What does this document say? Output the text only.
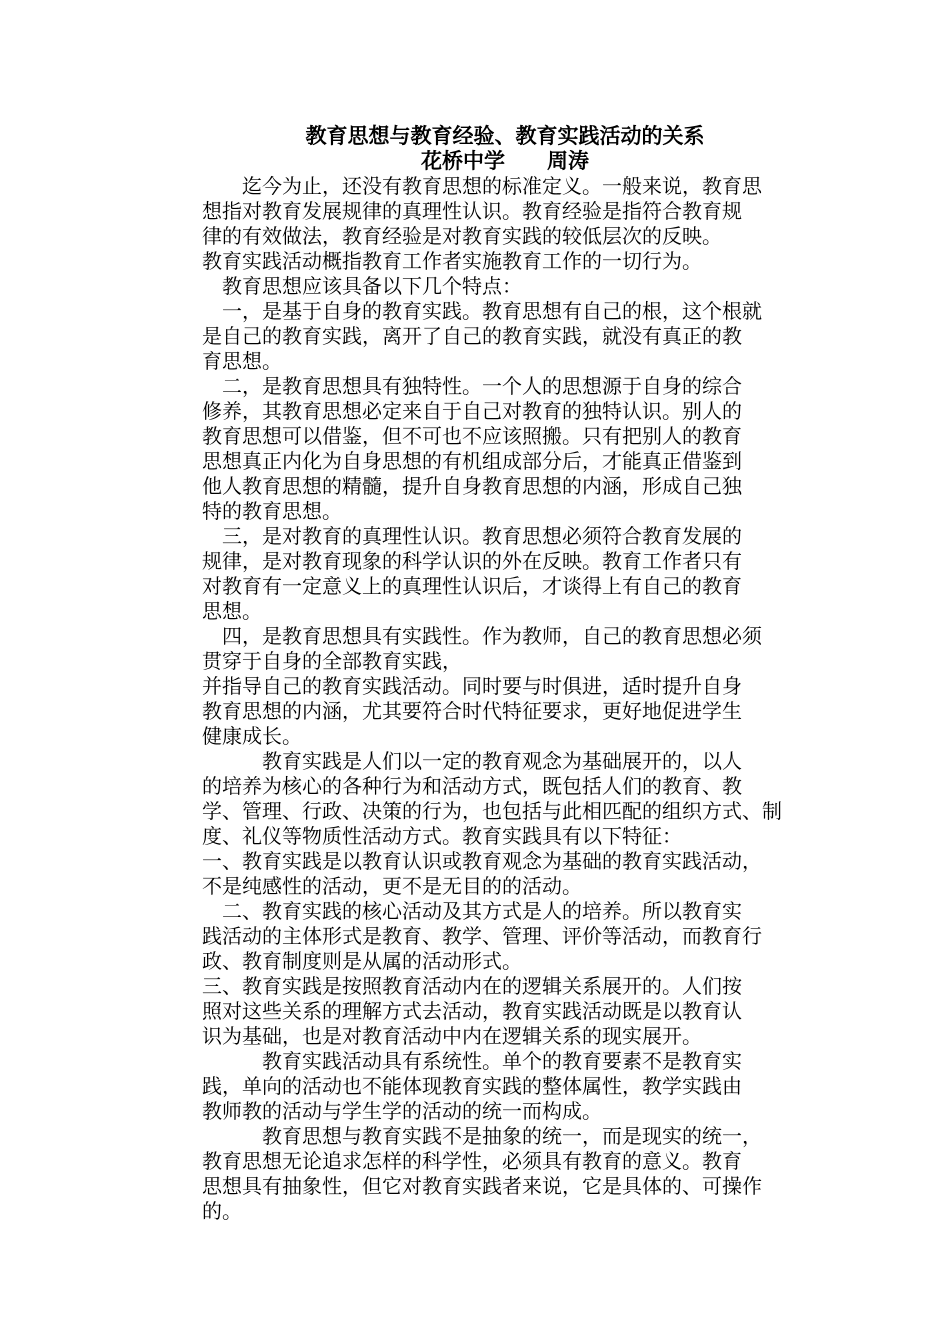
教育思想与教育经验、教育实践活动的关系
花桥中学　　周涛
　　迄今为止，还没有教育思想的标准定义。一般来说，教育思
想指对教育发展规律的真理性认识。教育经验是指符合教育规
律的有效做法，教育经验是对教育实践的较低层次的反映。
教育实践活动概指教育工作者实施教育工作的一切行为。
　教育思想应该具备以下几个特点：
　一，是基于自身的教育实践。教育思想有自己的根，这个根就
是自己的教育实践，离开了自己的教育实践，就没有真正的教
育思想。
　二，是教育思想具有独特性。一个人的思想源于自身的综合
修养，其教育思想必定来自于自己对教育的独特认识。别人的
教育思想可以借鉴，但不可也不应该照搬。只有把别人的教育
思想真正内化为自身思想的有机组成部分后，才能真正借鉴到
他人教育思想的精髓，提升自身教育思想的内涵，形成自己独
特的教育思想。
　三，是对教育的真理性认识。教育思想必须符合教育发展的
规律，是对教育现象的科学认识的外在反映。教育工作者只有
对教育有一定意义上的真理性认识后，才谈得上有自己的教育
思想。
　四，是教育思想具有实践性。作为教师，自己的教育思想必须
贯穿于自身的全部教育实践，
并指导自己的教育实践活动。同时要与时俱进，适时提升自身
教育思想的内涵，尤其要符合时代特征要求，更好地促进学生
健康成长。
　　　教育实践是人们以一定的教育观念为基础展开的，以人
的培养为核心的各种行为和活动方式，既包括人们的教育、教
学、管理、行政、决策的行为，也包括与此相匹配的组织方式、制
度、礼仪等物质性活动方式。教育实践具有以下特征：
一、教育实践是以教育认识或教育观念为基础的教育实践活动，
不是纯感性的活动，更不是无目的的活动。
　二、教育实践的核心活动及其方式是人的培养。所以教育实
践活动的主体形式是教育、教学、管理、评价等活动，而教育行
政、教育制度则是从属的活动形式。
三、教育实践是按照教育活动内在的逻辑关系展开的。人们按
照对这些关系的理解方式去活动，教育实践活动既是以教育认
识为基础，也是对教育活动中内在逻辑关系的现实展开。
　　　教育实践活动具有系统性。单个的教育要素不是教育实
践，单向的活动也不能体现教育实践的整体属性，教学实践由
教师教的活动与学生学的活动的统一而构成。
　　　教育思想与教育实践不是抽象的统一，而是现实的统一，
教育思想无论追求怎样的科学性，必须具有教育的意义。教育
思想具有抽象性，但它对教育实践者来说，它是具体的、可操作
的。
